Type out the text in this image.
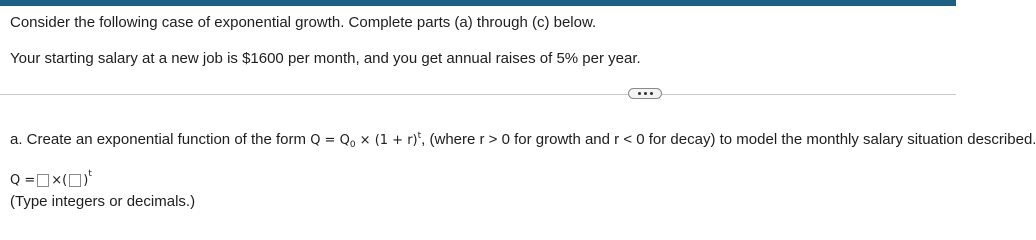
Consider the following case of exponential growth. Complete parts (a) through (c) below.
Your starting salary at a new job is $1600 per month, and you get annual raises of 5% per year.
a. Create an exponential function of the form $Q = Q_0 \times (1 + r)^t$, (where r > 0 for growth and r < 0 for decay) to model the monthly salary situation described.
Q = × ( ) t
(Type integers or decimals.)
